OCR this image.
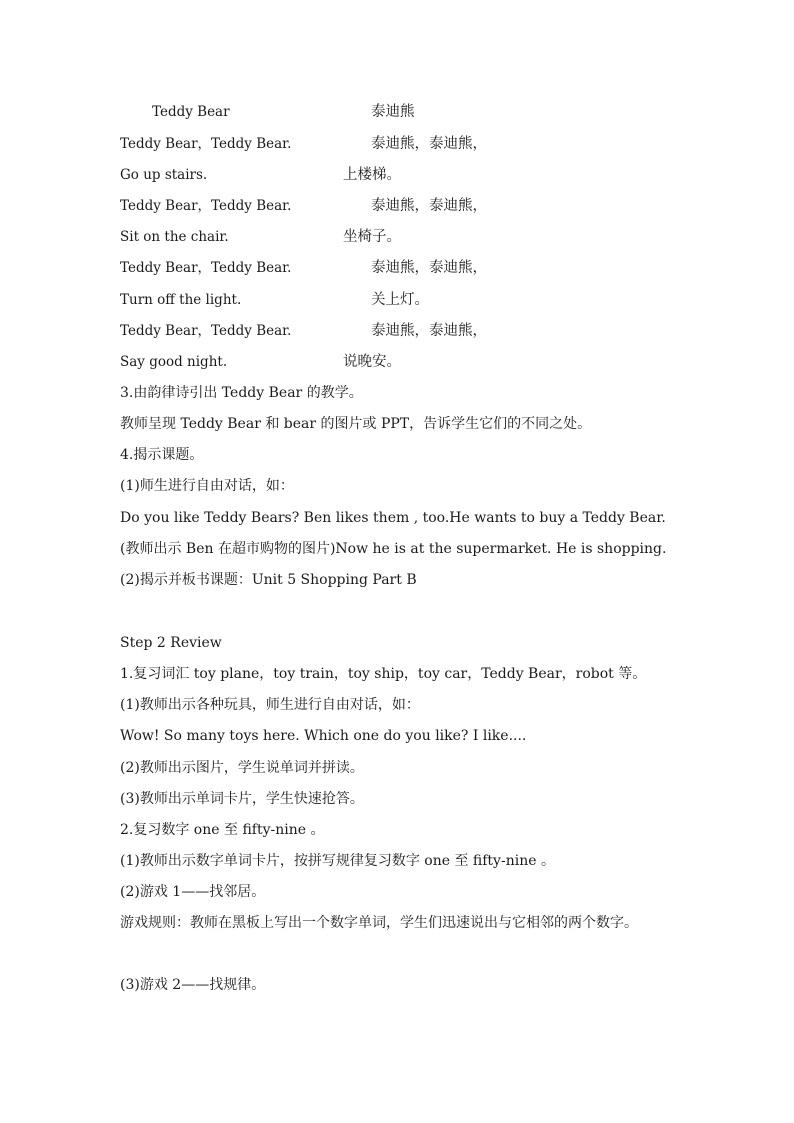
Teddy Bear	泰迪熊
Teddy Bear，Teddy Bear.	泰迪熊，泰迪熊，
Go up stairs.	上楼梯。
Teddy Bear，Teddy Bear.	泰迪熊，泰迪熊，
Sit on the chair.	坐椅子。
Teddy Bear，Teddy Bear.	泰迪熊，泰迪熊，
Turn off the light.	关上灯。
Teddy Bear，Teddy Bear.	泰迪熊，泰迪熊，
Say good night.	说晚安。
3.由韵律诗引出 Teddy Bear 的教学。
教师呈现 Teddy Bear 和 bear 的图片或 PPT，告诉学生它们的不同之处。
4.揭示课题。
(1)师生进行自由对话，如：
Do you like Teddy Bears? Ben likes them , too.He wants to buy a Teddy Bear.(教师出示 Ben 在超市购物的图片)Now he is at the supermarket. He is shopping.
(2)揭示并板书课题：Unit 5 Shopping Part B
Step 2 Review
1.复习词汇 toy plane，toy train，toy ship，toy car，Teddy Bear，robot 等。
(1)教师出示各种玩具，师生进行自由对话，如：
Wow! So many toys here. Which one do you like? I like....
(2)教师出示图片，学生说单词并拼读。
(3)教师出示单词卡片，学生快速抢答。
2.复习数字 one 至 fifty-nine 。
(1)教师出示数字单词卡片，按拼写规律复习数字 one 至 fifty-nine 。
(2)游戏 1——找邻居。
游戏规则：教师在黑板上写出一个数字单词，学生们迅速说出与它相邻的两个数字。
(3)游戏 2——找规律。
